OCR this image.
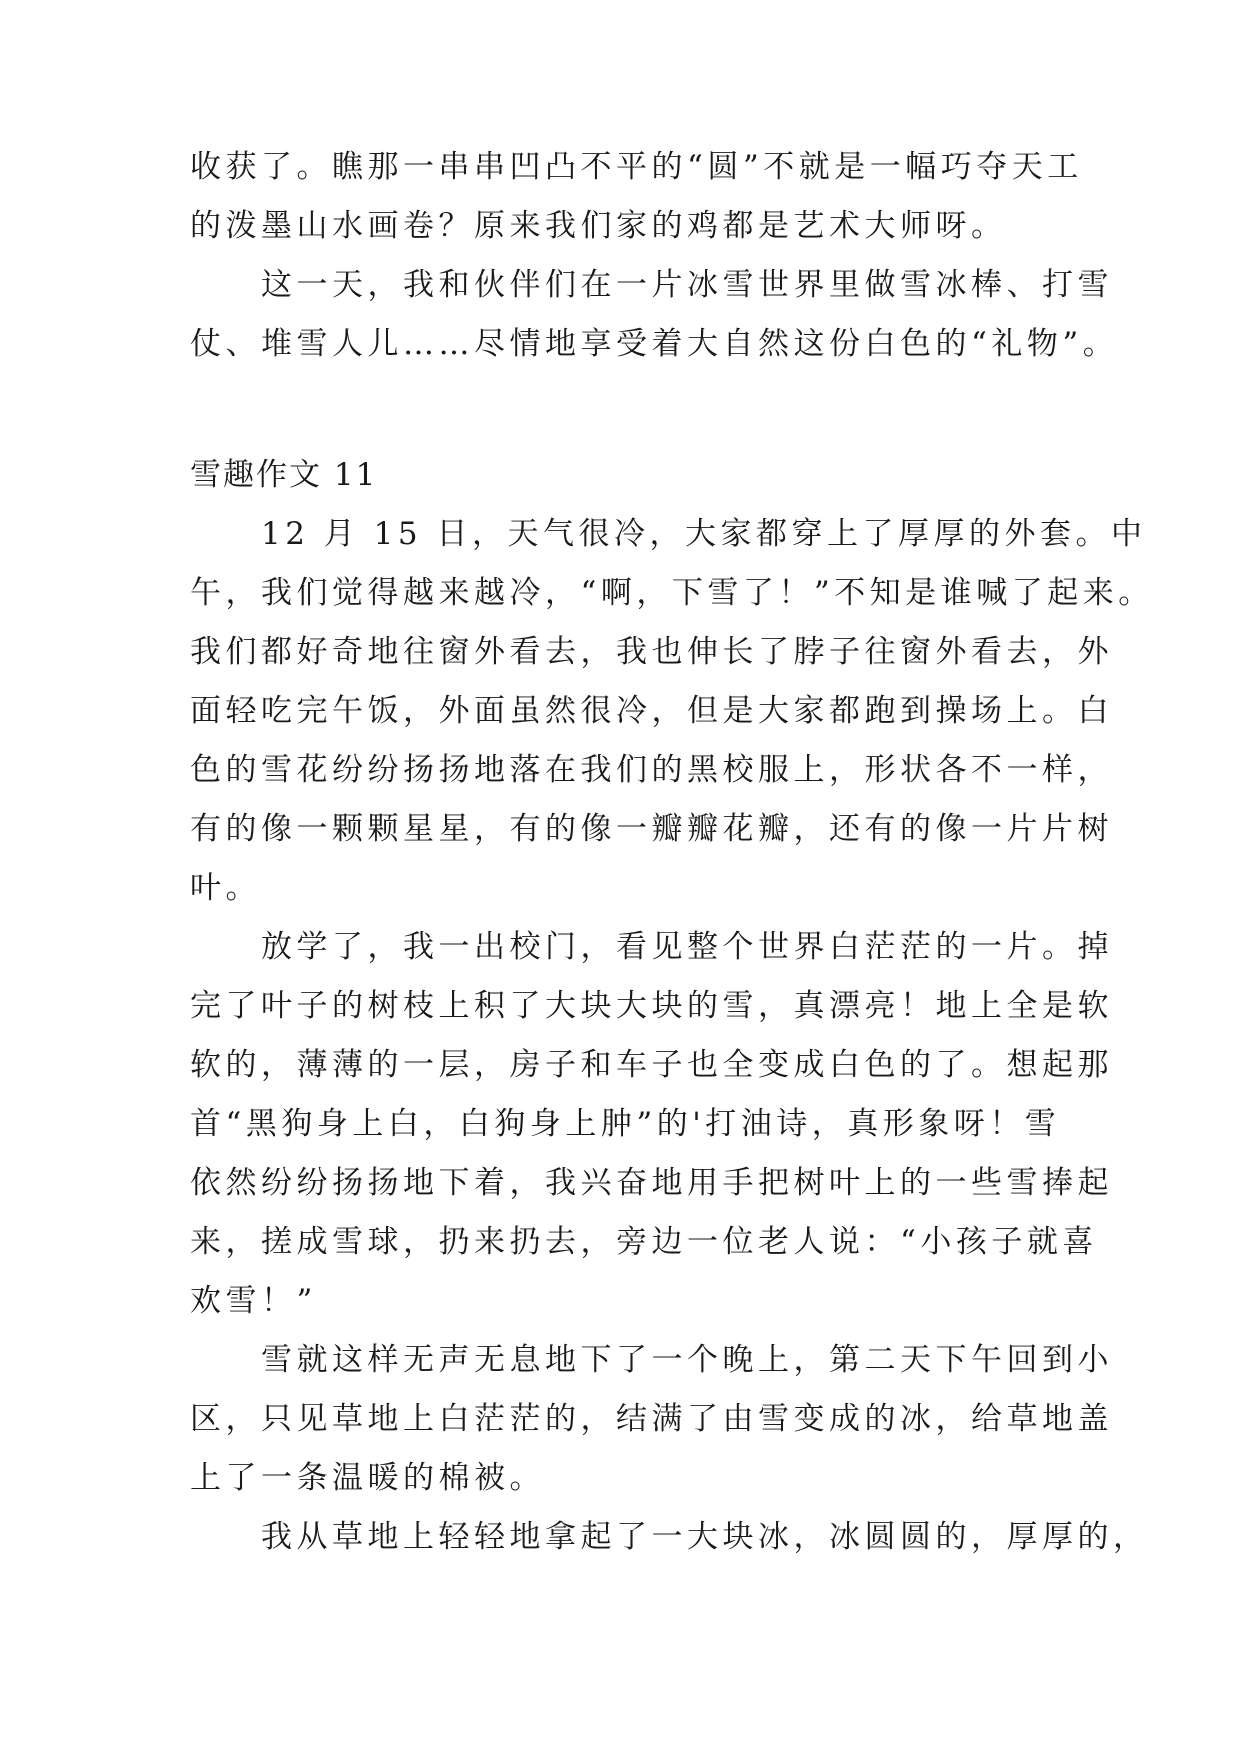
收获了。瞧那一串串凹凸不平的“圆”不就是一幅巧夺天工

的泼墨山水画卷？原来我们家的鸡都是艺术大师呀。

　　这一天，我和伙伴们在一片冰雪世界里做雪冰棒、打雪

仗、堆雪人儿……尽情地享受着大自然这份白色的“礼物”。

雪趣作文 11

　　12 月 15 日，天气很冷，大家都穿上了厚厚的外套。中

午，我们觉得越来越冷，“啊，下雪了！”不知是谁喊了起来。

我们都好奇地往窗外看去，我也伸长了脖子往窗外看去，外

面轻吃完午饭，外面虽然很冷，但是大家都跑到操场上。白

色的雪花纷纷扬扬地落在我们的黑校服上，形状各不一样，

有的像一颗颗星星，有的像一瓣瓣花瓣，还有的像一片片树

叶。

　　放学了，我一出校门，看见整个世界白茫茫的一片。掉

完了叶子的树枝上积了大块大块的雪，真漂亮！地上全是软

软的，薄薄的一层，房子和车子也全变成白色的了。想起那

首“黑狗身上白，白狗身上肿”的'打油诗，真形象呀！雪

依然纷纷扬扬地下着，我兴奋地用手把树叶上的一些雪捧起

来，搓成雪球，扔来扔去，旁边一位老人说：“小孩子就喜

欢雪！”

　　雪就这样无声无息地下了一个晚上，第二天下午回到小

区，只见草地上白茫茫的，结满了由雪变成的冰，给草地盖

上了一条温暖的棉被。

　　我从草地上轻轻地拿起了一大块冰，冰圆圆的，厚厚的，
